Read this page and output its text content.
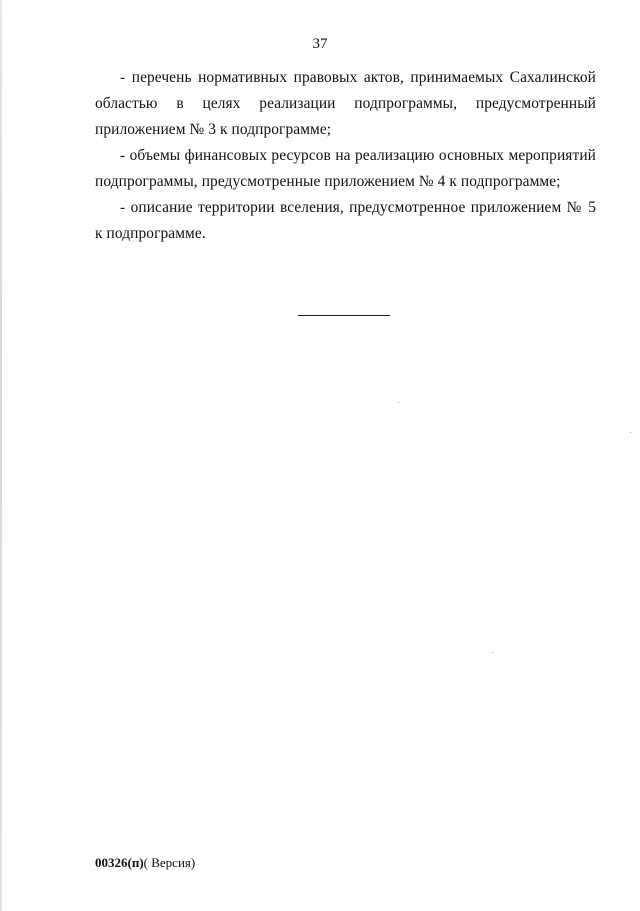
37

- перечень нормативных правовых актов, принимаемых Сахалинской областью в целях реализации подпрограммы, предусмотренный приложением № 3 к подпрограмме;

- объемы финансовых ресурсов на реализацию основных мероприятий подпрограммы, предусмотренные приложением № 4 к подпрограмме;

- описание территории вселения, предусмотренное приложением № 5 к подпрограмме.

00326(п)( Версия)
